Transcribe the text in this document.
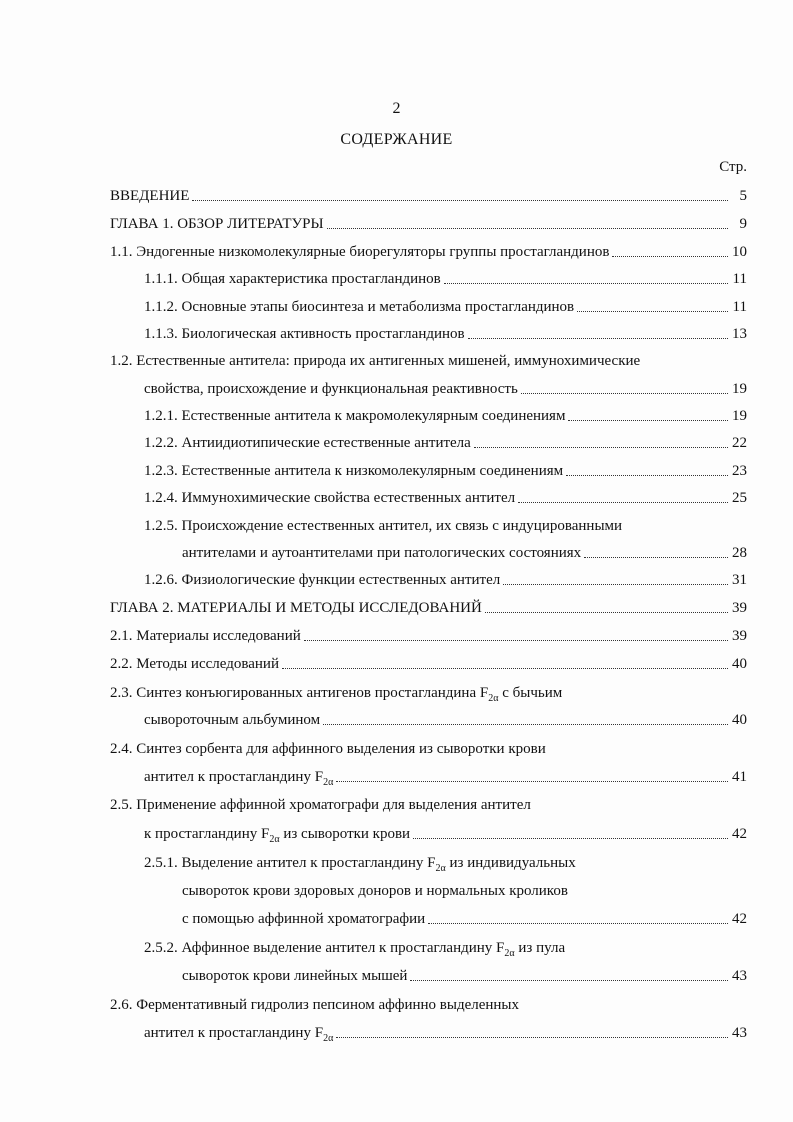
2
СОДЕРЖАНИЕ
Стр.
ВВЕДЕНИЕ	5
ГЛАВА 1. ОБЗОР ЛИТЕРАТУРЫ	9
1.1. Эндогенные низкомолекулярные биорегуляторы группы простагландинов	10
1.1.1. Общая характеристика простагландинов	11
1.1.2. Основные этапы биосинтеза и метаболизма простагландинов	11
1.1.3. Биологическая активность простагландинов	13
1.2. Естественные антитела: природа их антигенных мишеней, иммунохимические
свойства, происхождение и функциональная реактивность	19
1.2.1. Естественные антитела к макромолекулярным соединениям	19
1.2.2. Антиидиотипические естественные антитела	22
1.2.3. Естественные антитела к низкомолекулярным соединениям	23
1.2.4. Иммунохимические свойства естественных антител	25
1.2.5. Происхождение естественных антител, их связь с индуцированными
антителами и аутоантителами при патологических состояниях	28
1.2.6. Физиологические функции естественных антител	31
ГЛАВА 2. МАТЕРИАЛЫ И МЕТОДЫ ИССЛЕДОВАНИЙ	39
2.1. Материалы исследований	39
2.2. Методы исследований	40
2.3. Синтез конъюгированных антигенов простагландина $F_{2\alpha}$ с бычьим
сывороточным альбумином	40
2.4. Синтез сорбента для аффинного выделения из сыворотки крови
антител к простагландину $F_{2\alpha}$	41
2.5. Применение аффинной хроматографи для выделения антител
к простагландину $F_{2\alpha}$ из сыворотки крови	42
2.5.1. Выделение антител к простагландину $F_{2\alpha}$ из индивидуальных
сывороток крови здоровых доноров и нормальных кроликов
с помощью аффинной хроматографии	42
2.5.2. Аффинное выделение антител к простагландину $F_{2\alpha}$ из пула
сывороток крови линейных мышей	43
2.6. Ферментативный гидролиз пепсином аффинно выделенных
антител к простагландину $F_{2\alpha}$	43
